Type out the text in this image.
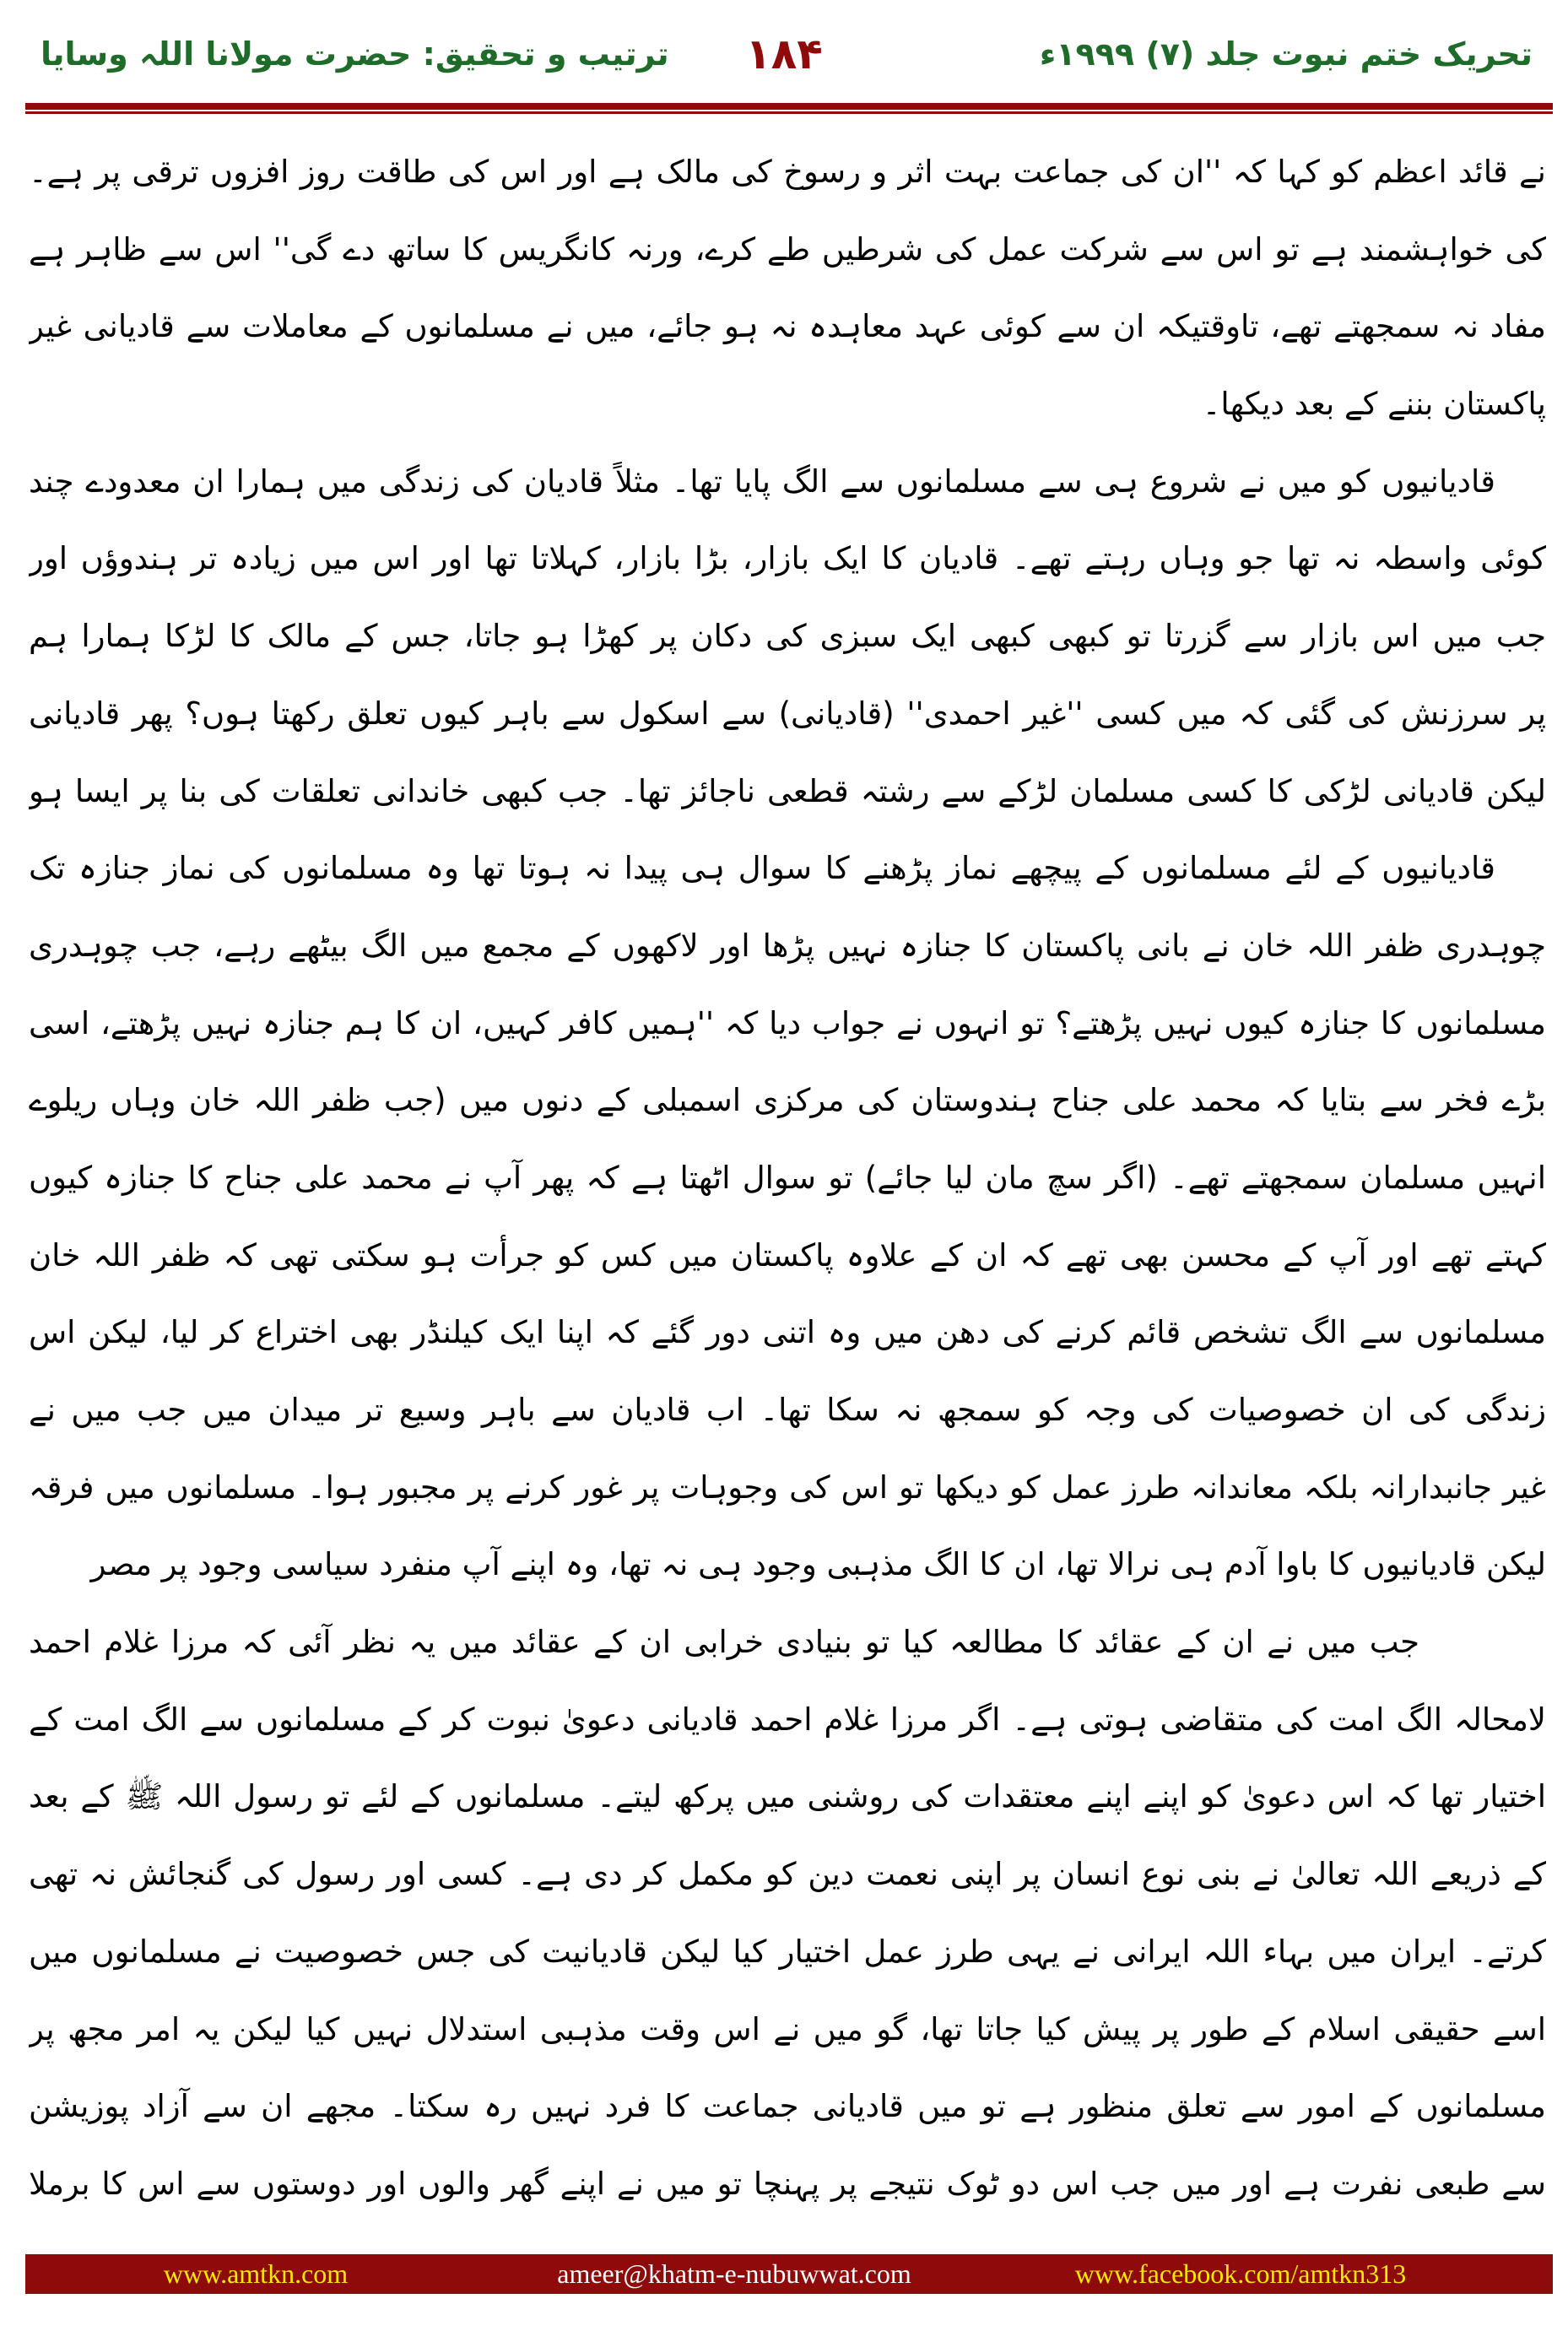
تحریک ختم نبوت جلد (۷) ۱۹۹۹ء
۱۸۴
ترتیب و تحقیق: حضرت مولانا اللہ وسایا
نے قائد اعظم کو کہا کہ ''ان کی جماعت بہت اثر و رسوخ کی مالک ہے اور اس کی طاقت روز افزوں ترقی پر ہے۔
کی خواہشمند ہے تو اس سے شرکت عمل کی شرطیں طے کرے، ورنہ کانگریس کا ساتھ دے گی'' اس سے ظاہر ہے
مفاد نہ سمجھتے تھے، تاوقتیکہ ان سے کوئی عہد معاہدہ نہ ہو جائے، میں نے مسلمانوں کے معاملات سے قادیانی غیر
پاکستان بننے کے بعد دیکھا۔
قادیانیوں کو میں نے شروع ہی سے مسلمانوں سے الگ پایا تھا۔ مثلاً قادیان کی زندگی میں ہمارا ان معدودے چند
کوئی واسطہ نہ تھا جو وہاں رہتے تھے۔ قادیان کا ایک بازار، بڑا بازار، کہلاتا تھا اور اس میں زیادہ تر ہندوؤں اور
جب میں اس بازار سے گزرتا تو کبھی کبھی ایک سبزی کی دکان پر کھڑا ہو جاتا، جس کے مالک کا لڑکا ہمارا ہم
پر سرزنش کی گئی کہ میں کسی ''غیر احمدی'' (قادیانی) سے اسکول سے باہر کیوں تعلق رکھتا ہوں؟ پھر قادیانی
لیکن قادیانی لڑکی کا کسی مسلمان لڑکے سے رشتہ قطعی ناجائز تھا۔ جب کبھی خاندانی تعلقات کی بنا پر ایسا ہو
قادیانیوں کے لئے مسلمانوں کے پیچھے نماز پڑھنے کا سوال ہی پیدا نہ ہوتا تھا وہ مسلمانوں کی نماز جنازہ تک
چوہدری ظفر اللہ خان نے بانی پاکستان کا جنازہ نہیں پڑھا اور لاکھوں کے مجمع میں الگ بیٹھے رہے، جب چوہدری
مسلمانوں کا جنازہ کیوں نہیں پڑھتے؟ تو انہوں نے جواب دیا کہ ''ہمیں کافر کہیں، ان کا ہم جنازہ نہیں پڑھتے، اسی
بڑے فخر سے بتایا کہ محمد علی جناح ہندوستان کی مرکزی اسمبلی کے دنوں میں (جب ظفر اللہ خان وہاں ریلوے
انہیں مسلمان سمجھتے تھے۔ (اگر سچ مان لیا جائے) تو سوال اٹھتا ہے کہ پھر آپ نے محمد علی جناح کا جنازہ کیوں
کہتے تھے اور آپ کے محسن بھی تھے کہ ان کے علاوہ پاکستان میں کس کو جرأت ہو سکتی تھی کہ ظفر اللہ خان
مسلمانوں سے الگ تشخص قائم کرنے کی دھن میں وہ اتنی دور گئے کہ اپنا ایک کیلنڈر بھی اختراع کر لیا، لیکن اس
زندگی کی ان خصوصیات کی وجہ کو سمجھ نہ سکا تھا۔ اب قادیان سے باہر وسیع تر میدان میں جب میں نے
غیر جانبدارانہ بلکہ معاندانہ طرز عمل کو دیکھا تو اس کی وجوہات پر غور کرنے پر مجبور ہوا۔ مسلمانوں میں فرقہ
لیکن قادیانیوں کا باوا آدم ہی نرالا تھا، ان کا الگ مذہبی وجود ہی نہ تھا، وہ اپنے آپ منفرد سیاسی وجود پر مصر
جب میں نے ان کے عقائد کا مطالعہ کیا تو بنیادی خرابی ان کے عقائد میں یہ نظر آئی کہ مرزا غلام احمد
لامحالہ الگ امت کی متقاضی ہوتی ہے۔ اگر مرزا غلام احمد قادیانی دعویٰ نبوت کر کے مسلمانوں سے الگ امت کے
اختیار تھا کہ اس دعویٰ کو اپنے اپنے معتقدات کی روشنی میں پرکھ لیتے۔ مسلمانوں کے لئے تو رسول اللہ ﷺ کے بعد
کے ذریعے اللہ تعالیٰ نے بنی نوع انسان پر اپنی نعمت دین کو مکمل کر دی ہے۔ کسی اور رسول کی گنجائش نہ تھی
کرتے۔ ایران میں بہاء اللہ ایرانی نے یہی طرز عمل اختیار کیا لیکن قادیانیت کی جس خصوصیت نے مسلمانوں میں
اسے حقیقی اسلام کے طور پر پیش کیا جاتا تھا، گو میں نے اس وقت مذہبی استدلال نہیں کیا لیکن یہ امر مجھ پر
مسلمانوں کے امور سے تعلق منظور ہے تو میں قادیانی جماعت کا فرد نہیں رہ سکتا۔ مجھے ان سے آزاد پوزیشن
سے طبعی نفرت ہے اور میں جب اس دو ٹوک نتیجے پر پہنچا تو میں نے اپنے گھر والوں اور دوستوں سے اس کا برملا
www.amtkn.com	ameer@khatm-e-nubuwwat.com	www.facebook.com/amtkn313
